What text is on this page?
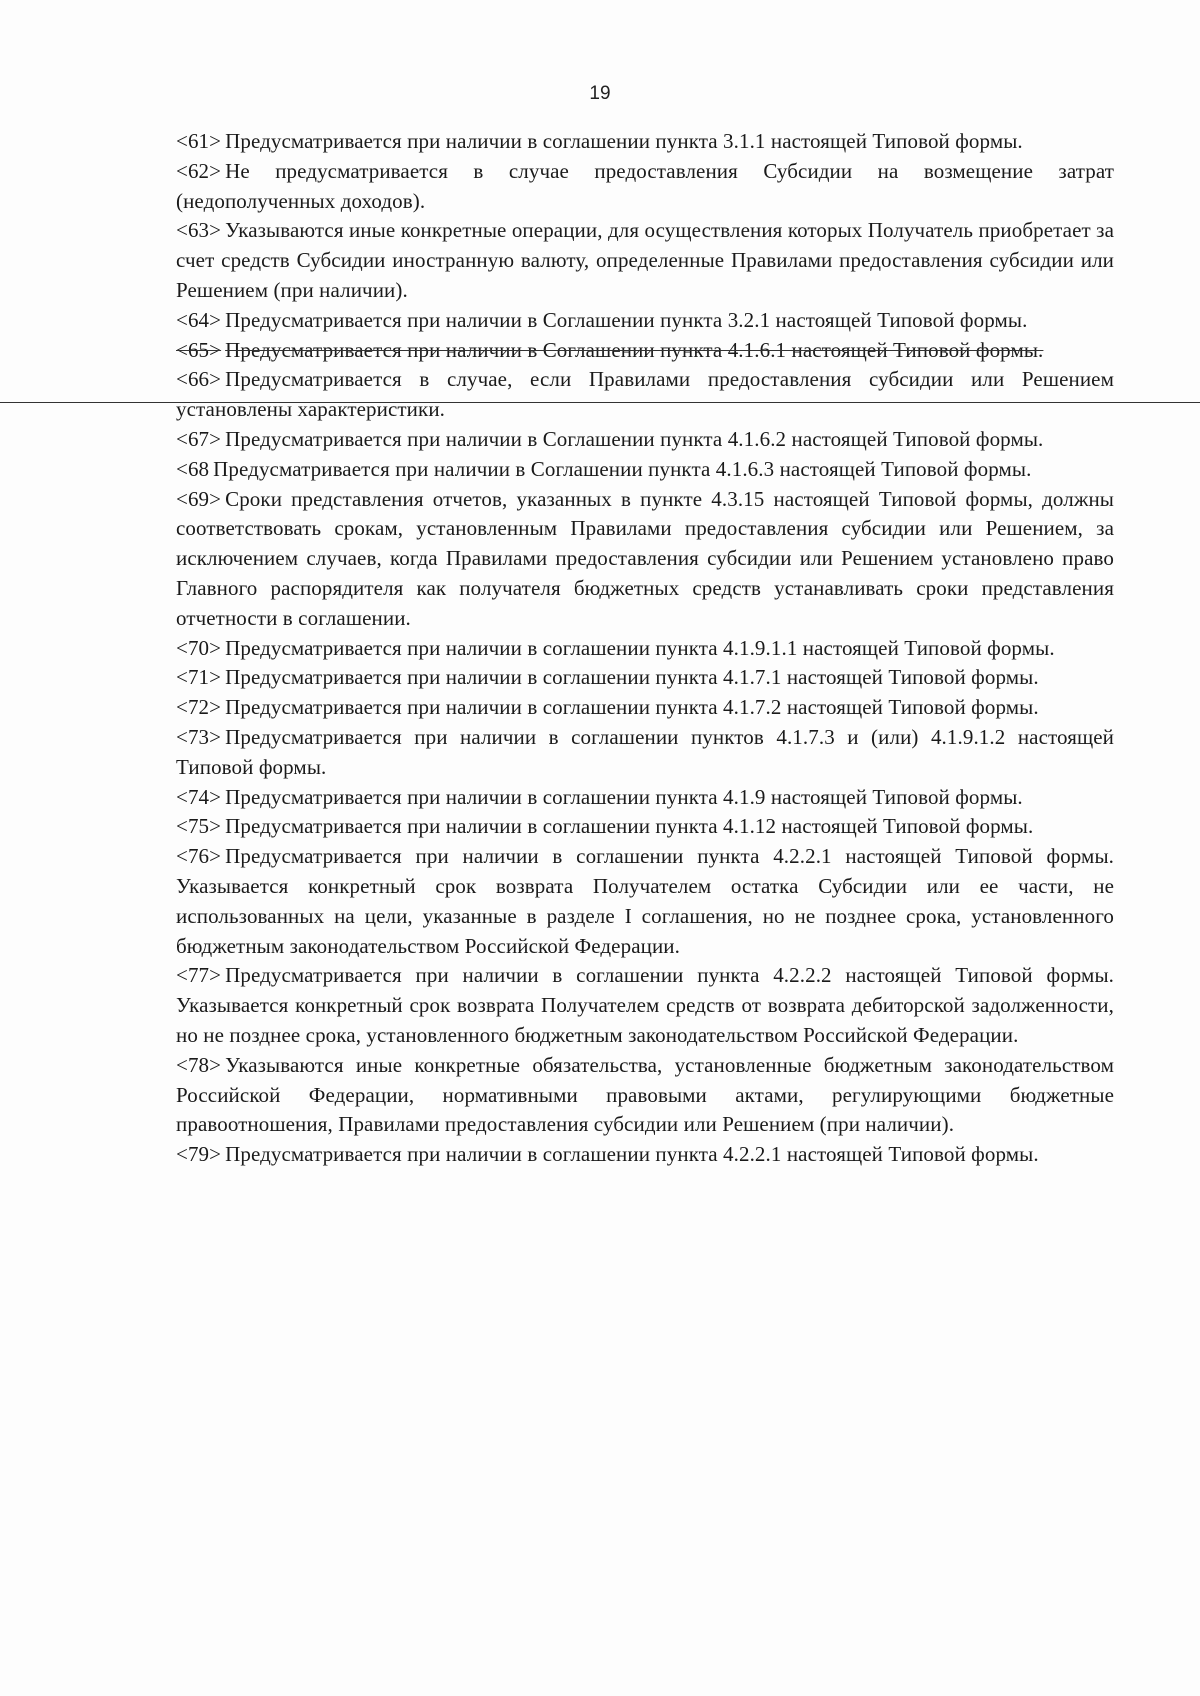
19

<61> Предусматривается при наличии в соглашении пункта 3.1.1 настоящей Типовой формы.

<62> Не предусматривается в случае предоставления Субсидии на возмещение затрат (недополученных доходов).

<63> Указываются иные конкретные операции, для осуществления которых Получатель приобретает за счет средств Субсидии иностранную валюту, определенные Правилами предоставления субсидии или Решением (при наличии).

<64> Предусматривается при наличии в Соглашении пункта 3.2.1 настоящей Типовой формы.

<65> Предусматривается при наличии в Соглашении пункта 4.1.6.1 настоящей Типовой формы.

<66> Предусматривается в случае, если Правилами предоставления субсидии или Решением установлены характеристики.

<67> Предусматривается при наличии в Соглашении пункта 4.1.6.2 настоящей Типовой формы.

<68 Предусматривается при наличии в Соглашении пункта 4.1.6.3 настоящей Типовой формы.

<69> Сроки представления отчетов, указанных в пункте 4.3.15 настоящей Типовой формы, должны соответствовать срокам, установленным Правилами предоставления субсидии или Решением, за исключением случаев, когда Правилами предоставления субсидии или Решением установлено право Главного распорядителя как получателя бюджетных средств устанавливать сроки представления отчетности в соглашении.

<70> Предусматривается при наличии в соглашении пункта 4.1.9.1.1 настоящей Типовой формы.

<71> Предусматривается при наличии в соглашении пункта 4.1.7.1 настоящей Типовой формы.

<72> Предусматривается при наличии в соглашении пункта 4.1.7.2 настоящей Типовой формы.

<73> Предусматривается при наличии в соглашении пунктов 4.1.7.3 и (или) 4.1.9.1.2 настоящей Типовой формы.

<74> Предусматривается при наличии в соглашении пункта 4.1.9 настоящей Типовой формы.

<75> Предусматривается при наличии в соглашении пункта 4.1.12 настоящей Типовой формы.

<76> Предусматривается при наличии в соглашении пункта 4.2.2.1 настоящей Типовой формы. Указывается конкретный срок возврата Получателем остатка Субсидии или ее части, не использованных на цели, указанные в разделе I соглашения, но не позднее срока, установленного бюджетным законодательством Российской Федерации.

<77> Предусматривается при наличии в соглашении пункта 4.2.2.2 настоящей Типовой формы. Указывается конкретный срок возврата Получателем средств от возврата дебиторской задолженности, но не позднее срока, установленного бюджетным законодательством Российской Федерации.

<78> Указываются иные конкретные обязательства, установленные бюджетным законодательством Российской Федерации, нормативными правовыми актами, регулирующими бюджетные правоотношения, Правилами предоставления субсидии или Решением (при наличии).

<79> Предусматривается при наличии в соглашении пункта 4.2.2.1 настоящей Типовой формы.
